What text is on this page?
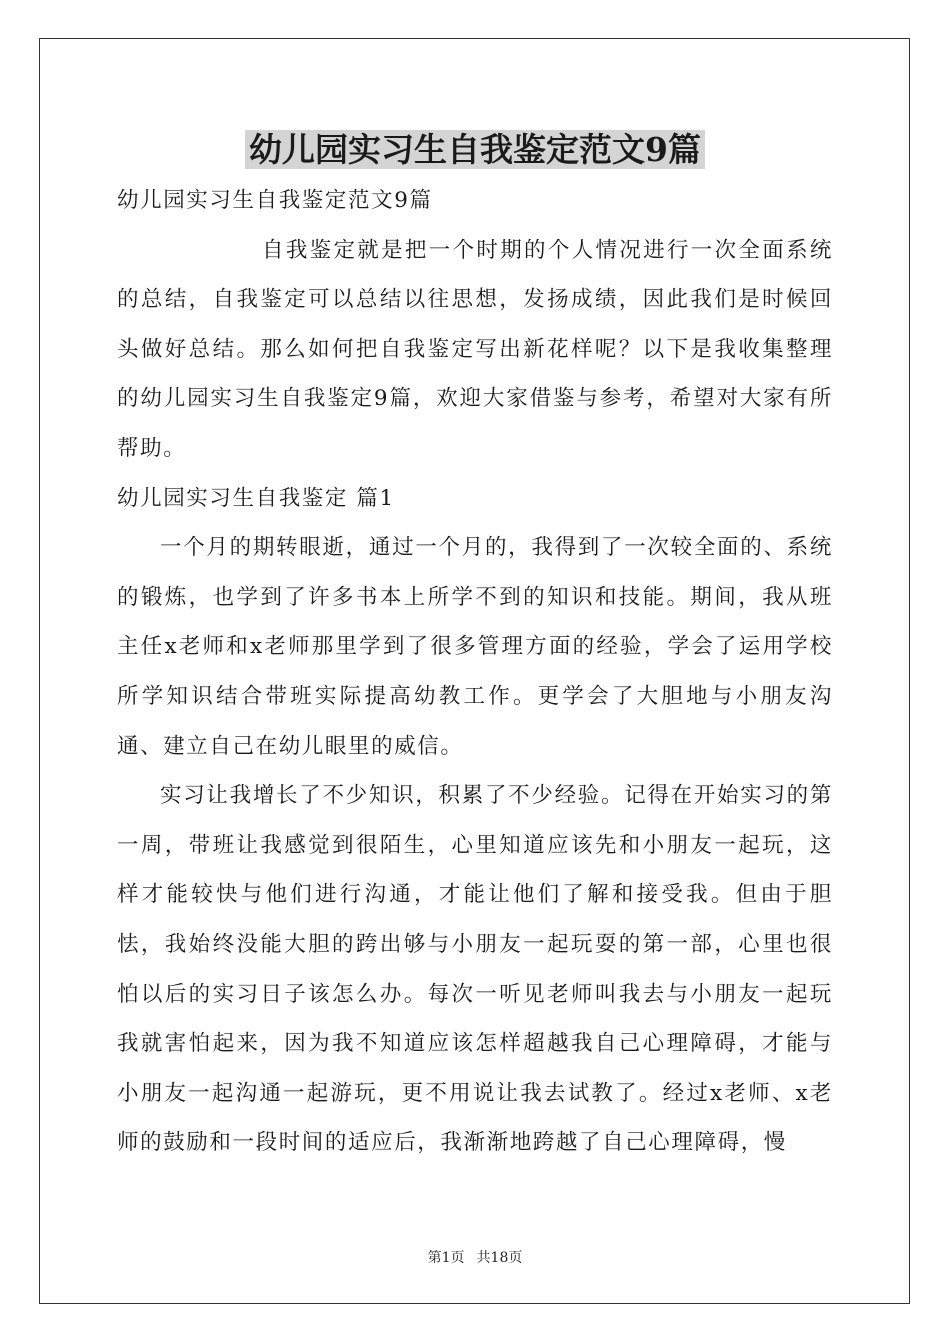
幼儿园实习生自我鉴定范文9篇

幼儿园实习生自我鉴定范文9篇

自我鉴定就是把一个时期的个人情况进行一次全面系统的总结，自我鉴定可以总结以往思想，发扬成绩，因此我们是时候回头做好总结。那么如何把自我鉴定写出新花样呢？以下是我收集整理的幼儿园实习生自我鉴定9篇，欢迎大家借鉴与参考，希望对大家有所帮助。

幼儿园实习生自我鉴定 篇1

一个月的期转眼逝，通过一个月的，我得到了一次较全面的、系统的锻炼，也学到了许多书本上所学不到的知识和技能。期间，我从班主任x老师和x老师那里学到了很多管理方面的经验，学会了运用学校所学知识结合带班实际提高幼教工作。更学会了大胆地与小朋友沟通、建立自己在幼儿眼里的威信。

实习让我增长了不少知识，积累了不少经验。记得在开始实习的第一周，带班让我感觉到很陌生，心里知道应该先和小朋友一起玩，这样才能较快与他们进行沟通，才能让他们了解和接受我。但由于胆怯，我始终没能大胆的跨出够与小朋友一起玩耍的第一部，心里也很怕以后的实习日子该怎么办。每次一听见老师叫我去与小朋友一起玩我就害怕起来，因为我不知道应该怎样超越我自己心理障碍，才能与小朋友一起沟通一起游玩，更不用说让我去试教了。经过x老师、x老师的鼓励和一段时间的适应后，我渐渐地跨越了自己心理障碍，慢

第1页 共18页
